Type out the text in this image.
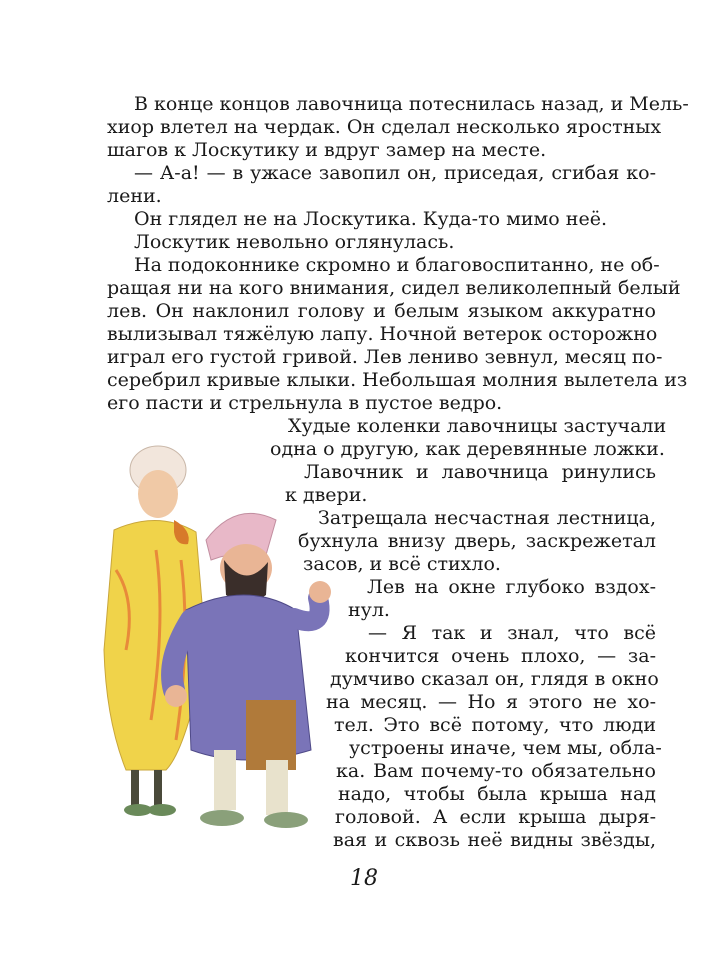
В конце концов лавочница потеснилась назад, и Мель-

хиор влетел на чердак. Он сделал несколько яростных

шагов к Лоскутику и вдруг замер на месте.

— А-а! — в ужасе завопил он, приседая, сгибая ко-

лени.

Он глядел не на Лоскутика. Куда-то мимо неё.

Лоскутик невольно оглянулась.

На подоконнике скромно и благовоспитанно, не об-

ращая ни на кого внимания, сидел великолепный белый

лев. Он наклонил голову и белым языком аккуратно

вылизывал тяжёлую лапу. Ночной ветерок осторожно

играл его густой гривой. Лев лениво зевнул, месяц по-

серебрил кривые клыки. Небольшая молния вылетела из

его пасти и стрельнула в пустое ведро.

Худые коленки лавочницы застучали

одна о другую, как деревянные ложки.

Лавочник и лавочница ринулись

к двери.

Затрещала несчастная лестница,

бухнула внизу дверь, заскрежетал

засов, и всё стихло.

Лев на окне глубоко вздох-

нул.

— Я так и знал, что всё

кончится очень плохо, — за-

думчиво сказал он, глядя в окно

на месяц. — Но я этого не хо-

тел. Это всё потому, что люди

устроены иначе, чем мы, обла-

ка. Вам почему-то обязательно

надо, чтобы была крыша над

головой. А если крыша дыря-

вая и сквозь неё видны звёзды,

18
